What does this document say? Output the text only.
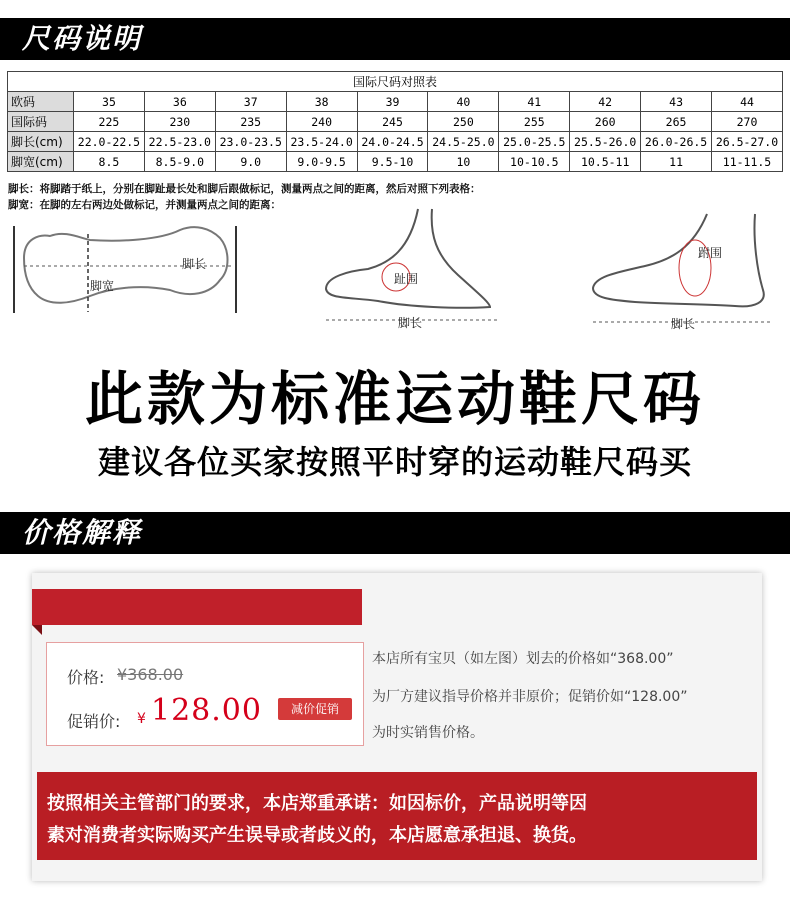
尺码说明
国际尺码对照表										
欧码	35	36	37	38	39	40	41	42	43	44
国际码	225	230	235	240	245	250	255	260	265	270
脚长(cm)	22.0-22.5	22.5-23.0	23.0-23.5	23.5-24.0	24.0-24.5	24.5-25.0	25.0-25.5	25.5-26.0	26.0-26.5	26.5-27.0
脚宽(cm)	8.5	8.5-9.0	9.0	9.0-9.5	9.5-10	10	10-10.5	10.5-11	11	11-11.5
脚长：将脚踏于纸上，分别在脚趾最长处和脚后跟做标记，测量两点之间的距离，然后对照下列表格：
脚宽：在脚的左右两边处做标记，并测量两点之间的距离：
脚长
脚宽	趾围
脚长
跗围
脚长
此款为标准运动鞋尺码
建议各位买家按照平时穿的运动鞋尺码买
价格解释
价格: ¥368.00
促销价: ¥ 128.00	减价促销
本店所有宝贝（如左图）划去的价格如“368.00”
为厂方建议指导价格并非原价；促销价如“128.00”
为时实销售价格。
按照相关主管部门的要求，本店郑重承诺：如因标价，产品说明等因
素对消费者实际购买产生误导或者歧义的，本店愿意承担退、换货。
